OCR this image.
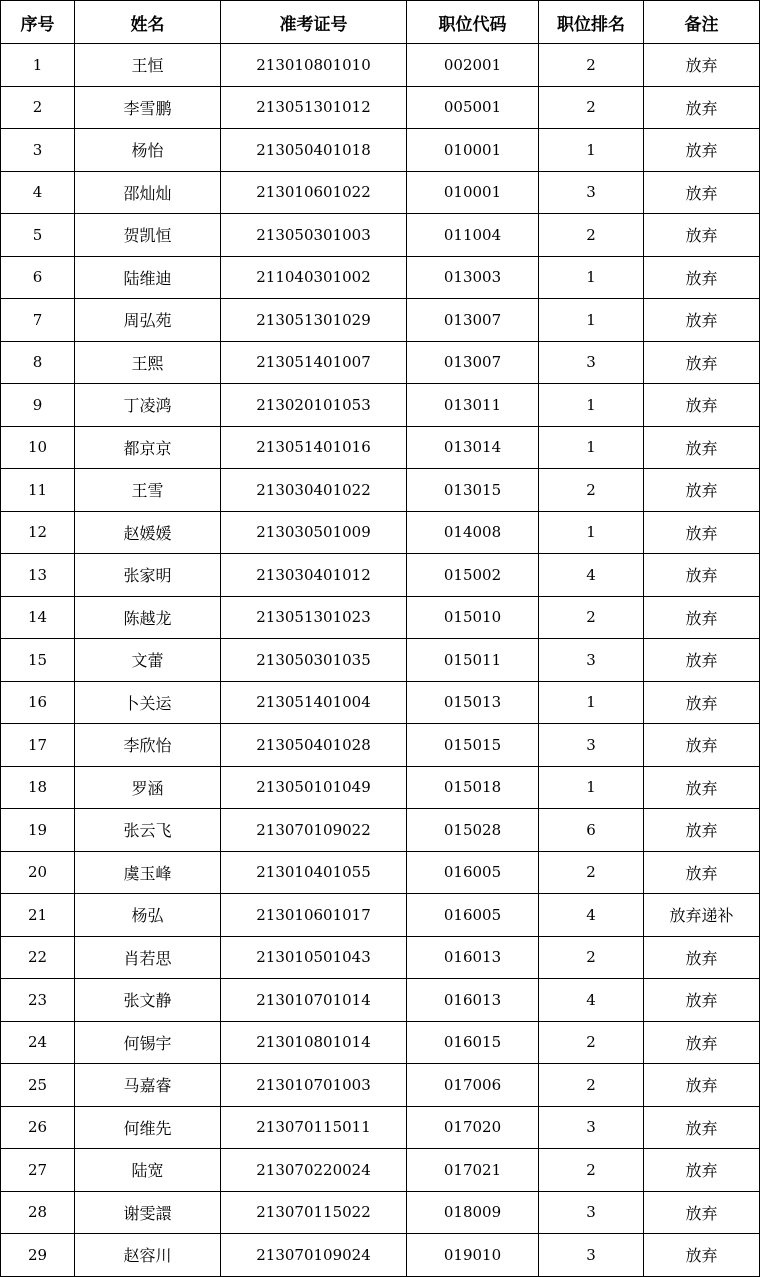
序号	姓名	准考证号	职位代码	职位排名	备注
1	王恒	213010801010	002001	2	放弃
2	李雪鹏	213051301012	005001	2	放弃
3	杨怡	213050401018	010001	1	放弃
4	邵灿灿	213010601022	010001	3	放弃
5	贺凯恒	213050301003	011004	2	放弃
6	陆维迪	211040301002	013003	1	放弃
7	周弘苑	213051301029	013007	1	放弃
8	王熙	213051401007	013007	3	放弃
9	丁凌鸿	213020101053	013011	1	放弃
10	都京京	213051401016	013014	1	放弃
11	王雪	213030401022	013015	2	放弃
12	赵媛媛	213030501009	014008	1	放弃
13	张家明	213030401012	015002	4	放弃
14	陈越龙	213051301023	015010	2	放弃
15	文蕾	213050301035	015011	3	放弃
16	卜关运	213051401004	015013	1	放弃
17	李欣怡	213050401028	015015	3	放弃
18	罗涵	213050101049	015018	1	放弃
19	张云飞	213070109022	015028	6	放弃
20	虞玉峰	213010401055	016005	2	放弃
21	杨弘	213010601017	016005	4	放弃递补
22	肖若思	213010501043	016013	2	放弃
23	张文静	213010701014	016013	4	放弃
24	何锡宇	213010801014	016015	2	放弃
25	马嘉睿	213010701003	017006	2	放弃
26	何维先	213070115011	017020	3	放弃
27	陆宽	213070220024	017021	2	放弃
28	谢雯譞	213070115022	018009	3	放弃
29	赵容川	213070109024	019010	3	放弃
